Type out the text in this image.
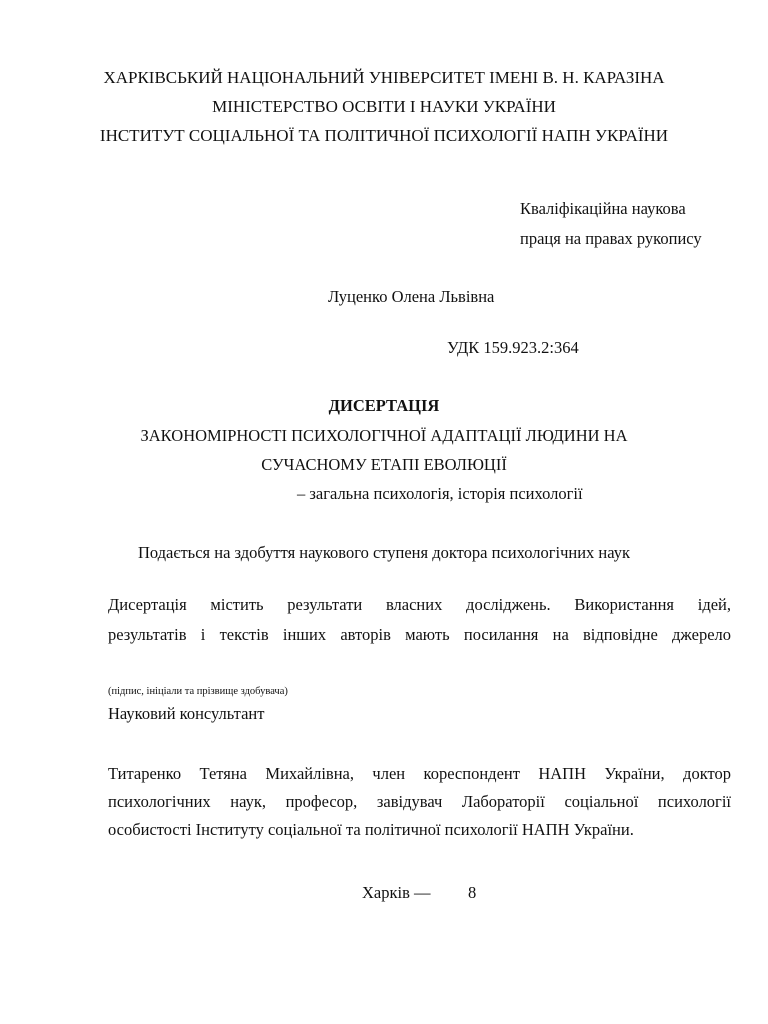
ХАРКІВСЬКИЙ НАЦІОНАЛЬНИЙ УНІВЕРСИТЕТ ІМЕНІ В. Н. КАРАЗІНА
МІНІСТЕРСТВО ОСВІТИ І НАУКИ УКРАЇНИ
ІНСТИТУТ СОЦІАЛЬНОЇ ТА ПОЛІТИЧНОЇ ПСИХОЛОГІЇ НАПН УКРАЇНИ
Кваліфікаційна наукова
праця на правах рукопису
Луценко Олена Львівна
УДК 159.923.2:364
ДИСЕРТАЦІЯ
ЗАКОНОМІРНОСТІ ПСИХОЛОГІЧНОЇ АДАПТАЦІЇ ЛЮДИНИ НА
СУЧАСНОМУ ЕТАПІ ЕВОЛЮЦІЇ
– загальна психологія, історія психології
Подається на здобуття наукового ступеня доктора психологічних наук
Дисертація містить результати власних досліджень. Використання ідей,
результатів і текстів інших авторів мають посилання на відповідне джерело
(підпис, ініціали та прізвище здобувача)
Науковий консультант
Титаренко Тетяна Михайлівна, член кореспондент НАПН України, доктор
психологічних наук, професор, завідувач Лабораторії соціальної психології
особистості Інституту соціальної та політичної психології НАПН України.
Харків — 8
